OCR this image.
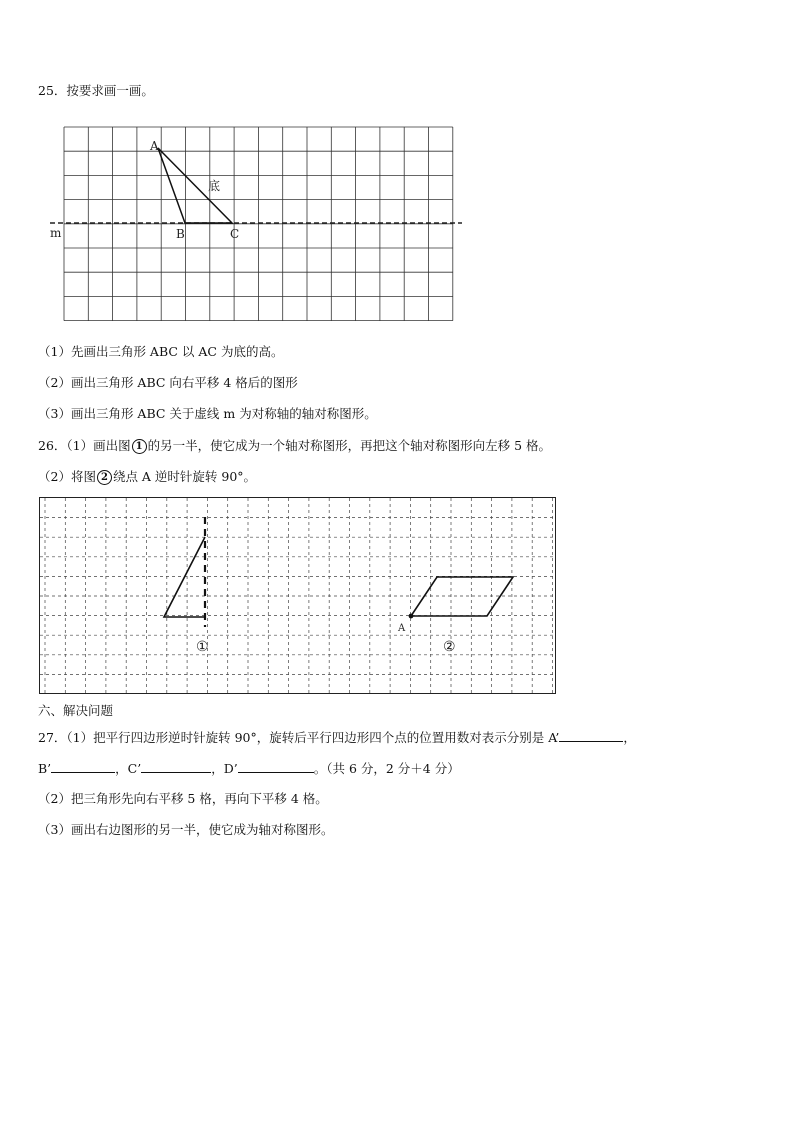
25．按要求画一画。
A
B	C
底
m
（1）先画出三角形 ABC 以 AC 为底的高。
（2）画出三角形 ABC 向右平移 4 格后的图形
（3）画出三角形 ABC 关于虚线 m 为对称轴的轴对称图形。
26．（1）画出图 1 的另一半，使它成为一个轴对称图形，再把这个轴对称图形向左移 5 格。
（2）将图 2 绕点 A 逆时针旋转 90°。
①
A
②
六、解决问题
27．（1）把平行四边形逆时针旋转 90°，旋转后平行四边形四个点的位置用数对表示分别是 A’	，
B’	，C’	，D’	。（共 6 分，2 分＋4 分）
（2）把三角形先向右平移 5 格，再向下平移 4 格。
（3）画出右边图形的另一半，使它成为轴对称图形。
